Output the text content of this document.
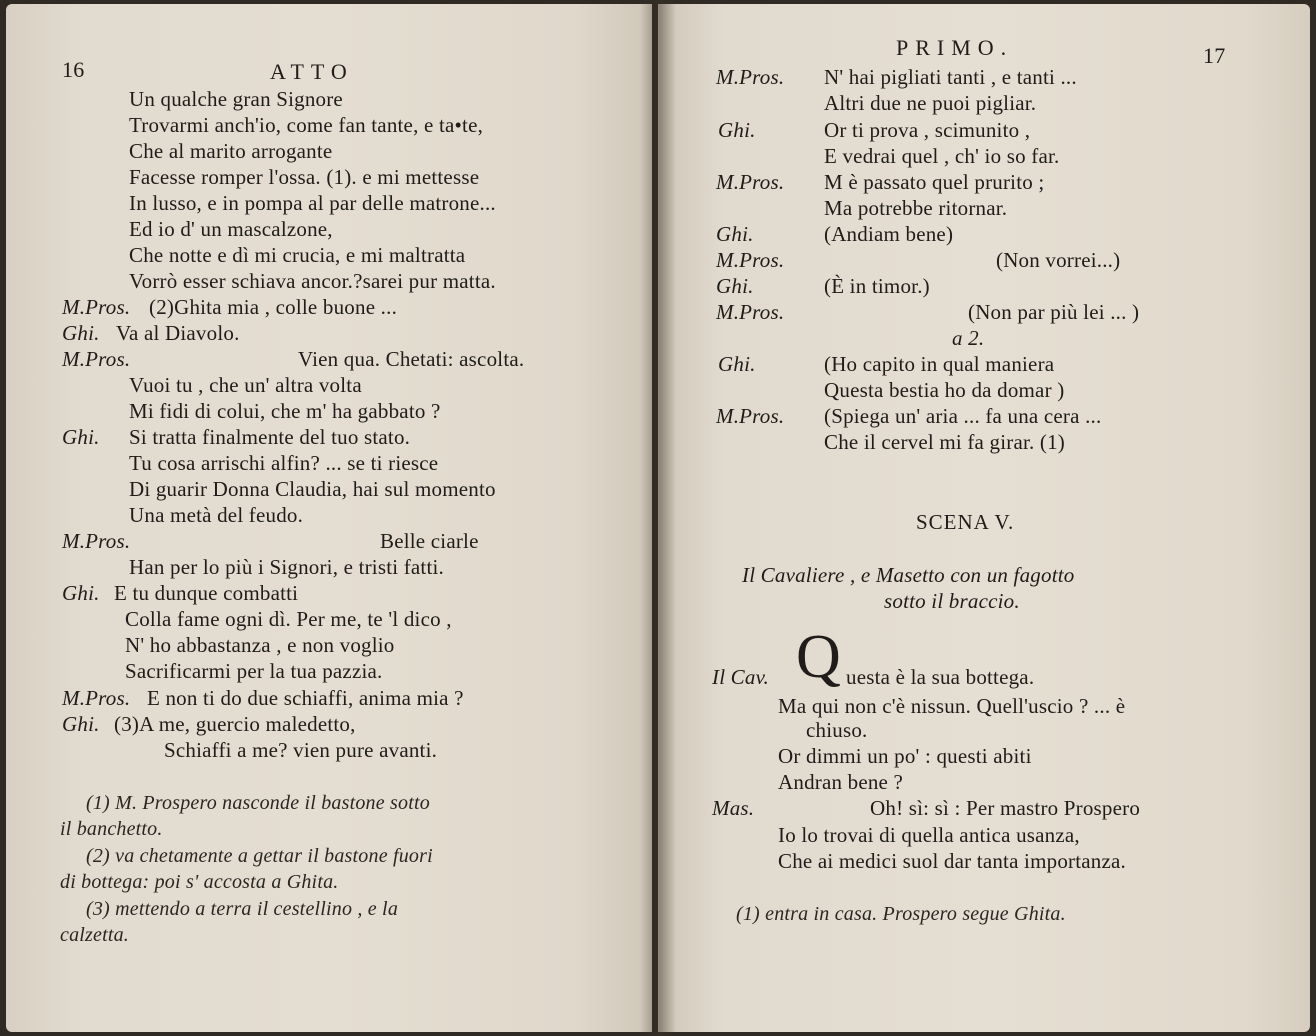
16	ATTO
Un qualche gran Signore
Trovarmi anch'io, come fan tante, e ta•te,
Che al marito arrogante
Facesse romper l'ossa. (1). e mi mettesse
In lusso, e in pompa al par delle matrone...
Ed io d' un mascalzone,
Che notte e dì mi crucia, e mi maltratta
Vorrò esser schiava ancor.?sarei pur matta.
M.Pros. (2)Ghita mia , colle buone ...
Ghi. Va al Diavolo.
M.Pros.	Vien qua. Chetati: ascolta.
Vuoi tu , che un' altra volta
Mi fidi di colui, che m' ha gabbato ?
Ghi. Si tratta finalmente del tuo stato.
Tu cosa arrischi alfin? ... se ti riesce
Di guarir Donna Claudia, hai sul momento
Una metà del feudo.
M.Pros.	Belle ciarle
Han per lo più i Signori, e tristi fatti.
Ghi. E tu dunque combatti
Colla fame ogni dì. Per me, te 'l dico ,
N' ho abbastanza , e non voglio
Sacrificarmi per la tua pazzia.
M.Pros. E non ti do due schiaffi, anima mia ?
Ghi. (3)A me, guercio maledetto,
Schiaffi a me? vien pure avanti.
(1) M. Prospero nasconde il bastone sotto
il banchetto.
(2) va chetamente a gettar il bastone fuori
di bottega: poi s' accosta a Ghita.
(3) mettendo a terra il cestellino , e la
calzetta.
PRIMO.	17
M.Pros. N' hai pigliati tanti , e tanti ...
Altri due ne puoi pigliar.
Ghi.	Or ti prova , scimunito ,
E vedrai quel , ch' io so far.
M.Pros. M è passato quel prurito ;
Ma potrebbe ritornar.
Ghi.	(Andiam bene)
M.Pros.	(Non vorrei...)
Ghi.	(È in timor.)
M.Pros.	(Non par più lei ... )
a 2.
Ghi.	(Ho capito in qual maniera
Questa bestia ho da domar )
M.Pros. (Spiega un' aria ... fa una cera ...
Che il cervel mi fa girar. (1)
SCENA V.
Il Cavaliere , e Masetto con un fagotto
sotto il braccio.
Il Cav. Q uesta è la sua bottega.
Ma qui non c'è nissun. Quell'uscio ? ... è
chiuso.
Or dimmi un po' : questi abiti
Andran bene ?
Mas.	Oh! sì: sì : Per mastro Prospero
Io lo trovai di quella antica usanza,
Che ai medici suol dar tanta importanza.
(1) entra in casa. Prospero segue Ghita.
